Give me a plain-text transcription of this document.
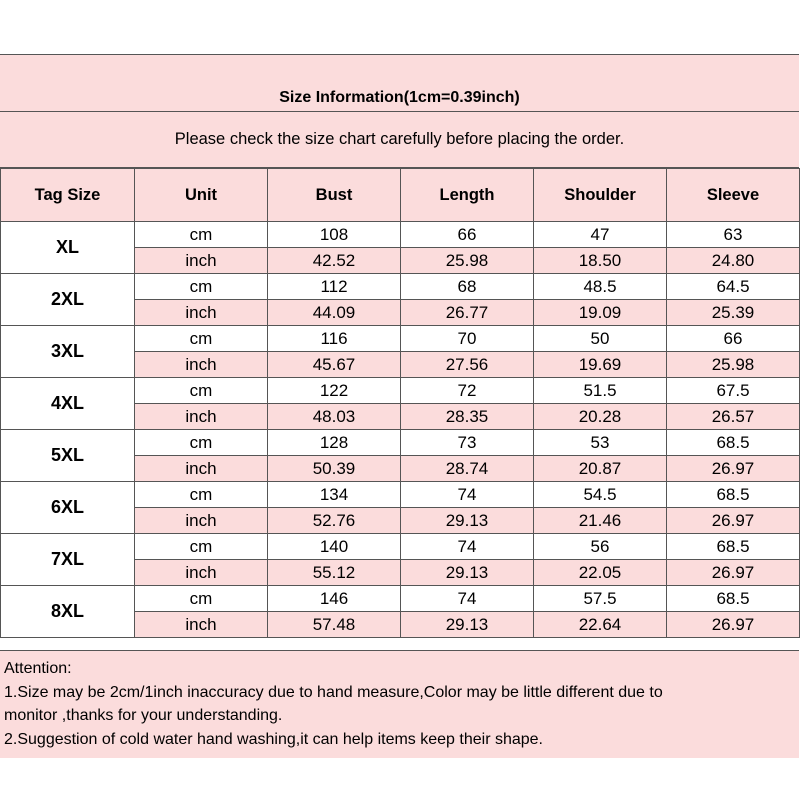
Size Information(1cm=0.39inch)
Please check the size chart carefully before placing the order.
Tag Size	Unit	Bust	Length	Shoulder	Sleeve
XL	cm	108	66	47	63
	inch	42.52	25.98	18.50	24.80
2XL	cm	112	68	48.5	64.5
	inch	44.09	26.77	19.09	25.39
3XL	cm	116	70	50	66
	inch	45.67	27.56	19.69	25.98
4XL	cm	122	72	51.5	67.5
	inch	48.03	28.35	20.28	26.57
5XL	cm	128	73	53	68.5
	inch	50.39	28.74	20.87	26.97
6XL	cm	134	74	54.5	68.5
	inch	52.76	29.13	21.46	26.97
7XL	cm	140	74	56	68.5
	inch	55.12	29.13	22.05	26.97
8XL	cm	146	74	57.5	68.5
	inch	57.48	29.13	22.64	26.97
Attention:
1.Size may be 2cm/1inch inaccuracy due to hand measure,Color may be little different due to
monitor ,thanks for your understanding.
2.Suggestion of cold water hand washing,it can help items keep their shape.
